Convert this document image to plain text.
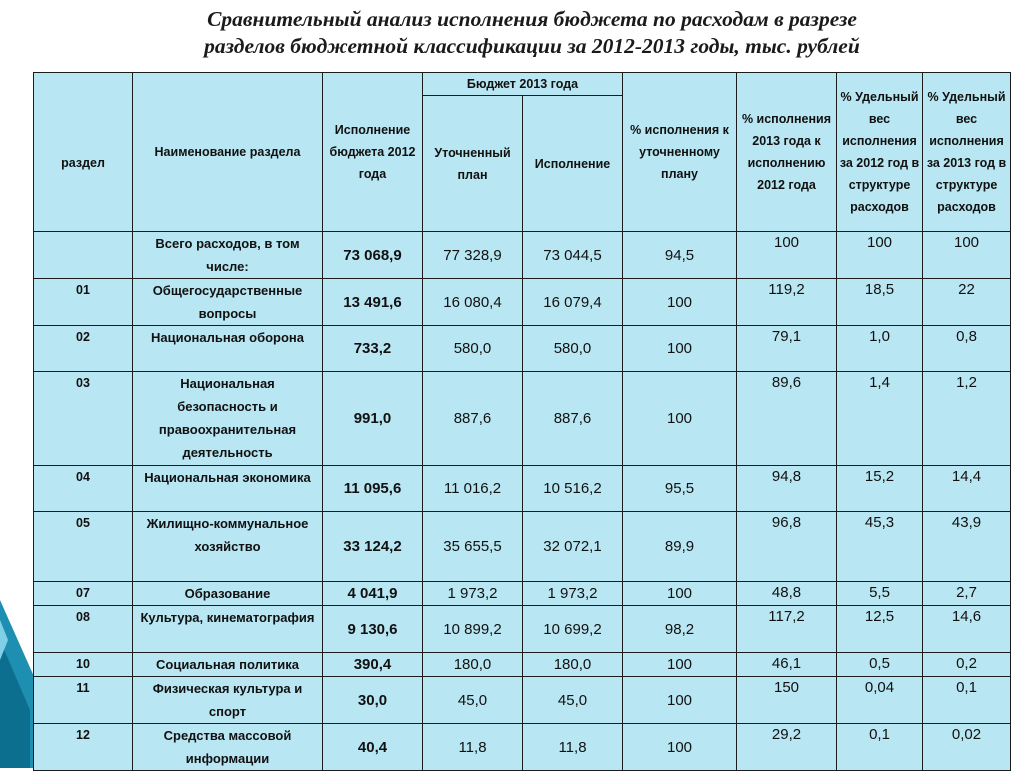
Сравнительный анализ исполнения бюджета по расходам в разрезе
разделов бюджетной классификации за 2012-2013 годы, тыс. рублей
раздел	Наименование раздела	Исполнение бюджета 2012 года	Бюджет 2013 года		% исполнения к уточненному плану	% исполнения 2013 года к исполнению 2012 года	% Удельный вес исполнения за 2012 год в структуре расходов	% Удельный вес исполнения за 2013 год в структуре расходов
			Уточненный план	Исполнение				
	Всего расходов, в том числе:	73 068,9	77 328,9	73 044,5	94,5	100	100	100
01	Общегосударственные вопросы	13 491,6	16 080,4	16 079,4	100	119,2	18,5	22
02	Национальная оборона	733,2	580,0	580,0	100	79,1	1,0	0,8
03	Национальная безопасность и правоохранительная деятельность	991,0	887,6	887,6	100	89,6	1,4	1,2
04	Национальная экономика	11 095,6	11 016,2	10 516,2	95,5	94,8	15,2	14,4
05	Жилищно-коммунальное хозяйство	33 124,2	35 655,5	32 072,1	89,9	96,8	45,3	43,9
07	Образование	4 041,9	1 973,2	1 973,2	100	48,8	5,5	2,7
08	Культура, кинематография	9 130,6	10 899,2	10 699,2	98,2	117,2	12,5	14,6
10	Социальная политика	390,4	180,0	180,0	100	46,1	0,5	0,2
11	Физическая культура и спорт	30,0	45,0	45,0	100	150	0,04	0,1
12	Средства массовой информации	40,4	11,8	11,8	100	29,2	0,1	0,02
